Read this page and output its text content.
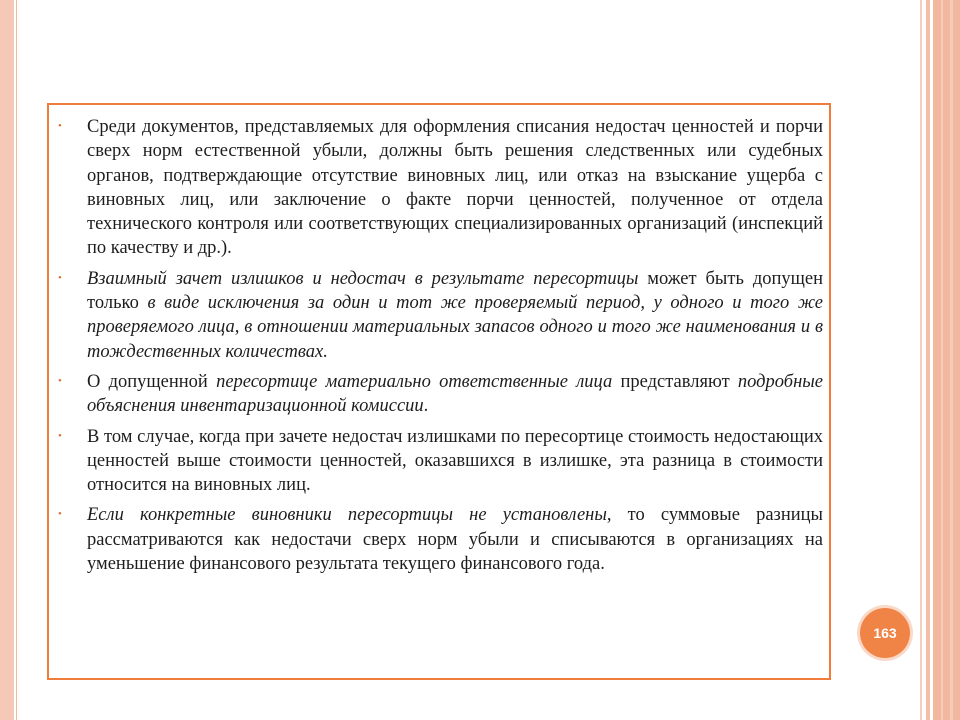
• Среди документов, представляемых для оформления списания недостач ценностей и порчи сверх норм естественной убыли, должны быть решения следственных или судебных органов, подтверждающие отсутствие виновных лиц, или отказ на взыскание ущерба с виновных лиц, или заключение о факте порчи ценностей, полученное от отдела технического контроля или соответствующих специализированных организаций (инспекций по качеству и др.).
• Взаимный зачет излишков и недостач в результате пересортицы может быть допущен только в виде исключения за один и тот же проверяемый период, у одного и того же проверяемого лица, в отношении материальных запасов одного и того же наименования и в тождественных количествах.
• О допущенной пересортице материально ответственные лица представляют подробные объяснения инвентаризационной комиссии.
• В том случае, когда при зачете недостач излишками по пересортице стоимость недостающих ценностей выше стоимости ценностей, оказавшихся в излишке, эта разница в стоимости относится на виновных лиц.
• Если конкретные виновники пересортицы не установлены, то суммовые разницы рассматриваются как недостачи сверх норм убыли и списываются в организациях на уменьшение финансового результата текущего финансового года.
163
